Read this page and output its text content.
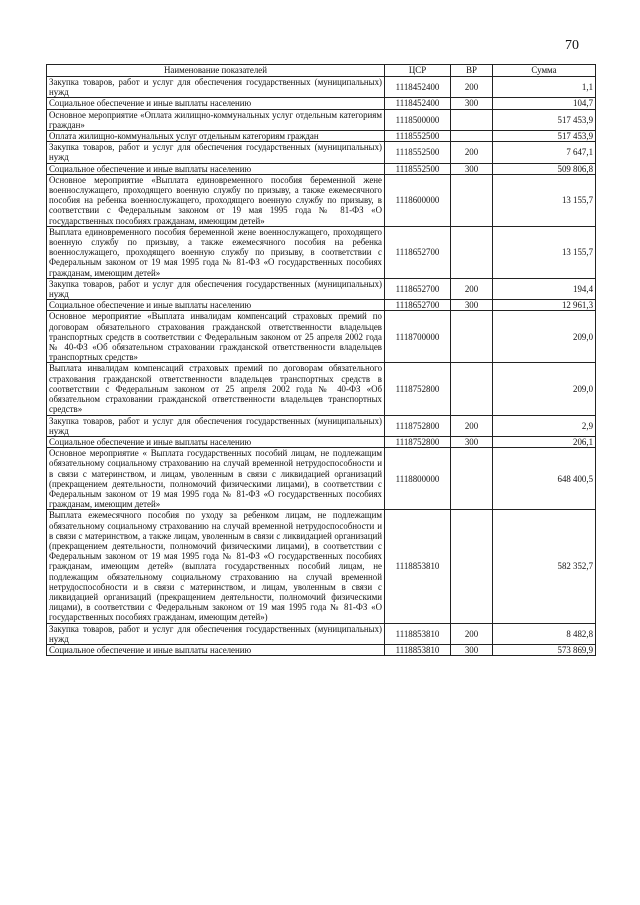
70
Наименование показателей	ЦСР	ВР	Сумма
Закупка товаров, работ и услуг для обеспечения государственных (муниципальных) нужд	1118452400	200	1,1
Социальное обеспечение и иные выплаты населению	1118452400	300	104,7
Основное мероприятие «Оплата жилищно-коммунальных услуг отдельным категориям граждан»	1118500000		517 453,9
Оплата жилищно-коммунальных услуг отдельным категориям граждан	1118552500		517 453,9
Закупка товаров, работ и услуг для обеспечения государственных (муниципальных) нужд	1118552500	200	7 647,1
Социальное обеспечение и иные выплаты населению	1118552500	300	509 806,8
Основное мероприятие «Выплата единовременного пособия беременной жене военнослужащего, проходящего военную службу по призыву, а также ежемесячного пособия на ребенка военнослужащего, проходящего военную службу по призыву, в соответствии с Федеральным законом от 19 мая 1995 года № 81-ФЗ «О государственных пособиях гражданам, имеющим детей»	1118600000		13 155,7
Выплата единовременного пособия беременной жене военнослужащего, проходящего военную службу по призыву, а также ежемесячного пособия на ребенка военнослужащего, проходящего военную службу по призыву, в соответствии с Федеральным законом от 19 мая 1995 года № 81-ФЗ «О государственных пособиях гражданам, имеющим детей»	1118652700		13 155,7
Закупка товаров, работ и услуг для обеспечения государственных (муниципальных) нужд	1118652700	200	194,4
Социальное обеспечение и иные выплаты населению	1118652700	300	12 961,3
Основное мероприятие «Выплата инвалидам компенсаций страховых премий по договорам обязательного страхования гражданской ответственности владельцев транспортных средств в соответствии с Федеральным законом от 25 апреля 2002 года № 40-ФЗ «Об обязательном страховании гражданской ответственности владельцев транспортных средств»	1118700000		209,0
Выплата инвалидам компенсаций страховых премий по договорам обязательного страхования гражданской ответственности владельцев транспортных средств в соответствии с Федеральным законом от 25 апреля 2002 года № 40-ФЗ «Об обязательном страховании гражданской ответственности владельцев транспортных средств»	1118752800		209,0
Закупка товаров, работ и услуг для обеспечения государственных (муниципальных) нужд	1118752800	200	2,9
Социальное обеспечение и иные выплаты населению	1118752800	300	206,1
Основное мероприятие « Выплата государственных пособий лицам, не подлежащим обязательному социальному страхованию на случай временной нетрудоспособности и в связи с материнством, и лицам, уволенным в связи с ликвидацией организаций (прекращением деятельности, полномочий физическими лицами), в соответствии с Федеральным законом от 19 мая 1995 года № 81-ФЗ «О государственных пособиях гражданам, имеющим детей»	1118800000		648 400,5
Выплата ежемесячного пособия по уходу за ребенком лицам, не подлежащим обязательному социальному страхованию на случай временной нетрудоспособности и в связи с материнством, а также лицам, уволенным в связи с ликвидацией организаций (прекращением деятельности, полномочий физическими лицами), в соответствии с Федеральным законом от 19 мая 1995 года № 81-ФЗ «О государственных пособиях гражданам, имеющим детей» (выплата государственных пособий лицам, не подлежащим обязательному социальному страхованию на случай временной нетрудоспособности и в связи с материнством, и лицам, уволенным в связи с ликвидацией организаций (прекращением деятельности, полномочий физическими лицами), в соответствии с Федеральным законом от 19 мая 1995 года № 81-ФЗ «О государственных пособиях гражданам, имеющим детей»)	1118853810		582 352,7
Закупка товаров, работ и услуг для обеспечения государственных (муниципальных) нужд	1118853810	200	8 482,8
Социальное обеспечение и иные выплаты населению	1118853810	300	573 869,9
